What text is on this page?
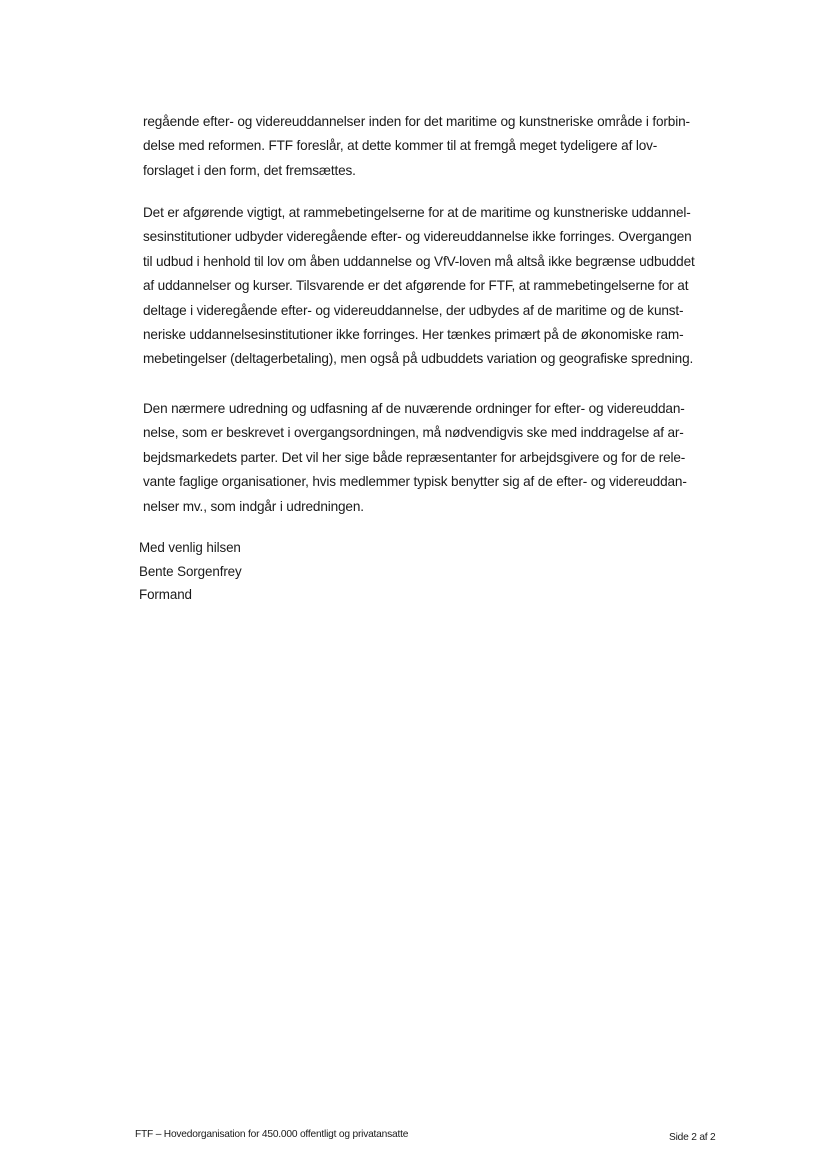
regående efter- og videreuddannelser inden for det maritime og kunstneriske område i forbin-
delse med reformen. FTF foreslår, at dette kommer til at fremgå meget tydeligere af lov-
forslaget i den form, det fremsættes.
Det er afgørende vigtigt, at rammebetingelserne for at de maritime og kunstneriske uddannel-
sesinstitutioner udbyder videregående efter- og videreuddannelse ikke forringes. Overgangen
til udbud i henhold til lov om åben uddannelse og VfV-loven må altså ikke begrænse udbuddet
af uddannelser og kurser. Tilsvarende er det afgørende for FTF, at rammebetingelserne for at
deltage i videregående efter- og videreuddannelse, der udbydes af de maritime og de kunst-
neriske uddannelsesinstitutioner ikke forringes. Her tænkes primært på de økonomiske ram-
mebetingelser (deltagerbetaling), men også på udbuddets variation og geografiske spredning.
Den nærmere udredning og udfasning af de nuværende ordninger for efter- og videreuddan-
nelse, som er beskrevet i overgangsordningen, må nødvendigvis ske med inddragelse af ar-
bejdsmarkedets parter. Det vil her sige både repræsentanter for arbejdsgivere og for de rele-
vante faglige organisationer, hvis medlemmer typisk benytter sig af de efter- og videreuddan-
nelser mv., som indgår i udredningen.
Med venlig hilsen
Bente Sorgenfrey
Formand
FTF – Hovedorganisation for 450.000 offentligt og privatansatte	Side 2 af 2
